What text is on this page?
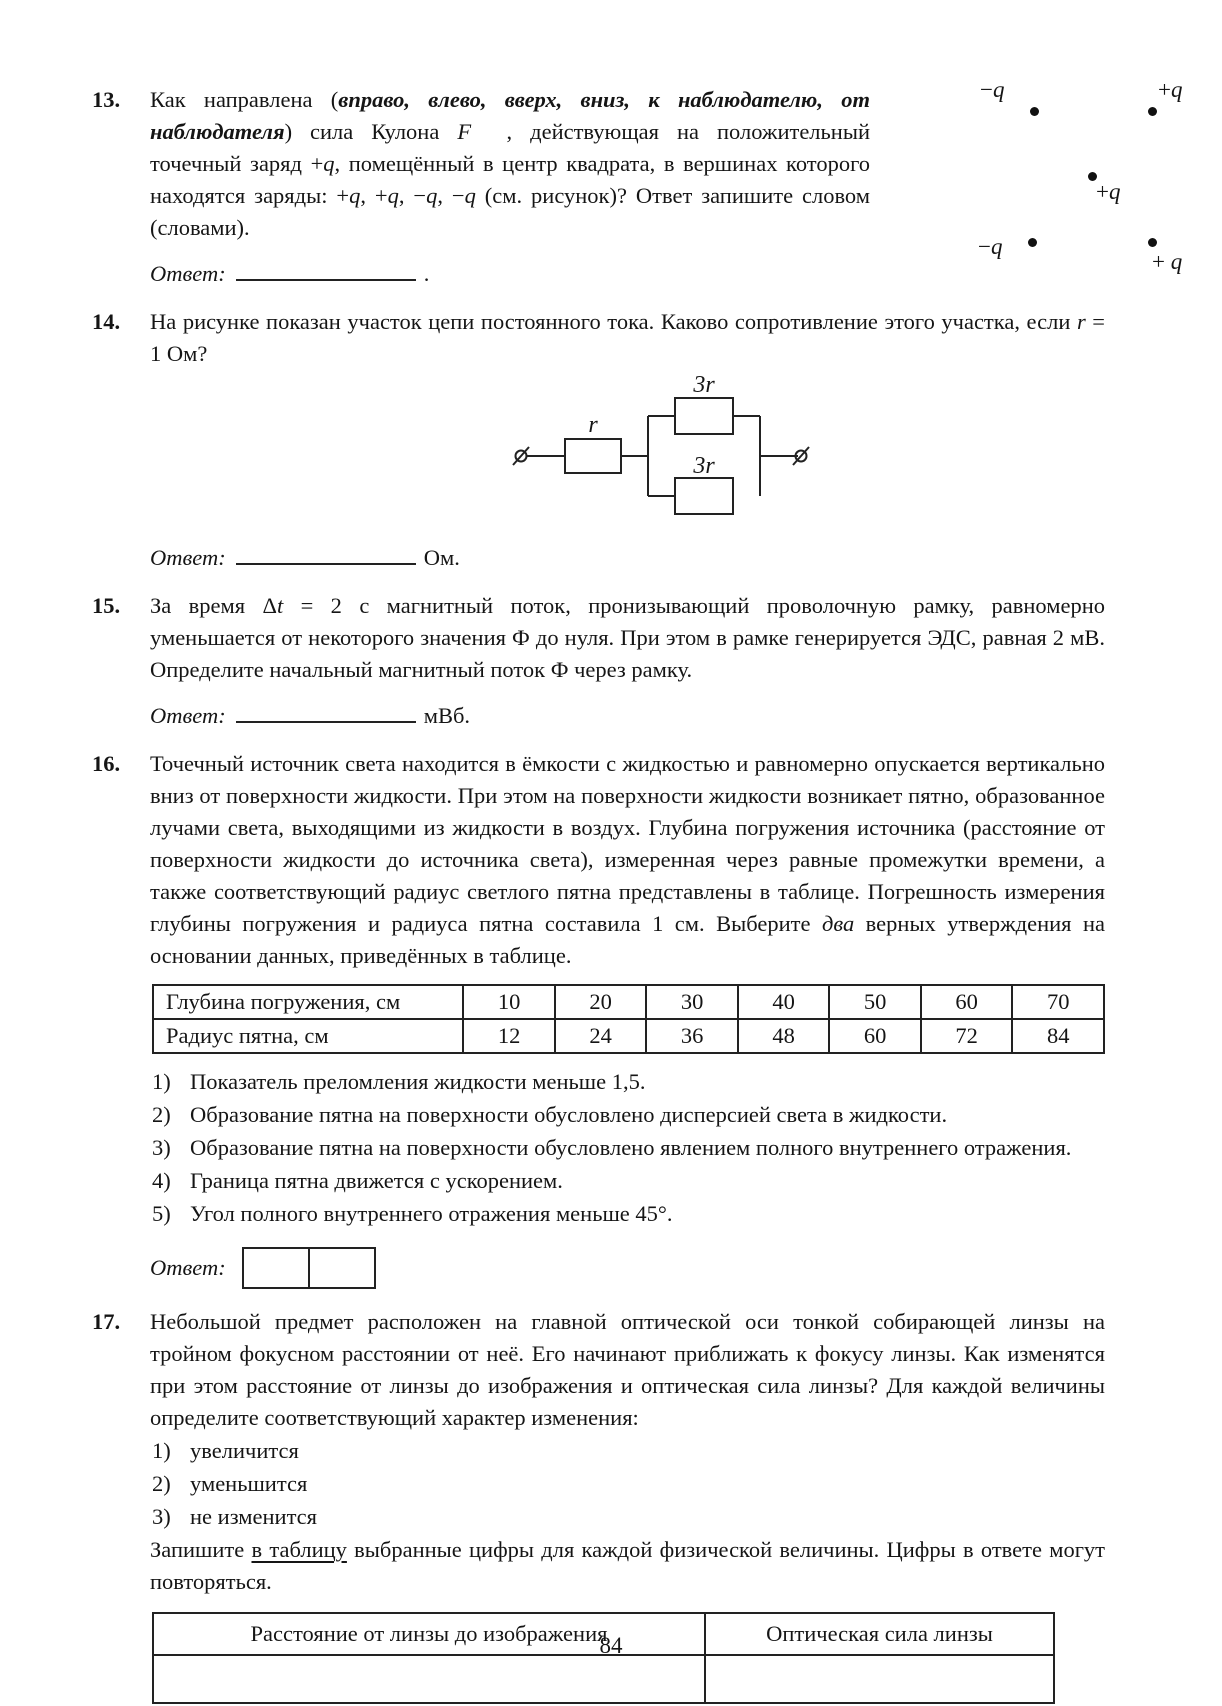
13.	−q	+q
+q
−q
+ q
Как направлена (вправо, влево, вверх, вниз, к наблюдателю, от наблюдателя) сила Кулона F⃗ , действующая на положительный точечный заряд +q, помещённый в центр квадрата, в вершинах которого находятся заряды: +q, +q, −q, −q (см. рисунок)? Ответ запишите словом (словами).
Ответ:	.
14. На рисунке показан участок цепи постоянного тока. Каково сопротивление этого участка, если r = 1 Ом?
r
3r
3r
Ответ:	Ом.
15. За время Δt = 2 с магнитный поток, пронизывающий проволочную рамку, равномерно уменьшается от некоторого значения Ф до нуля. При этом в рамке генерируется ЭДС, равная 2 мВ. Определите начальный магнитный поток Ф через рамку.
Ответ:	мВб.
16. Точечный источник света находится в ёмкости с жидкостью и равномерно опускается вертикально вниз от поверхности жидкости. При этом на поверхности жидкости возникает пятно, образованное лучами света, выходящими из жидкости в воздух. Глубина погружения источника (расстояние от поверхности жидкости до источника света), измеренная через равные промежутки времени, а также соответствующий радиус светлого пятна представлены в таблице. Погрешность измерения глубины погружения и радиуса пятна составила 1 см. Выберите два верных утверждения на основании данных, приведённых в таблице.
Глубина погружения, см	10	20	30	40	50	60	70
Радиус пятна, см	12	24	36	48	60	72	84
1) Показатель преломления жидкости меньше 1,5.
2) Образование пятна на поверхности обусловлено дисперсией света в жидкости.
3) Образование пятна на поверхности обусловлено явлением полного внутреннего отражения.
4) Граница пятна движется с ускорением.
5) Угол полного внутреннего отражения меньше 45°.
Ответ:
17. Небольшой предмет расположен на главной оптической оси тонкой собирающей линзы на тройном фокусном расстоянии от неё. Его начинают приближать к фокусу линзы. Как изменятся при этом расстояние от линзы до изображения и оптическая сила линзы? Для каждой величины определите соответствующий характер изменения:
1) увеличится
2) уменьшится
3) не изменится
Запишите в таблицу выбранные цифры для каждой физической величины. Цифры в ответе могут повторяться.
Расстояние от линзы до изображения	Оптическая сила линзы

84
